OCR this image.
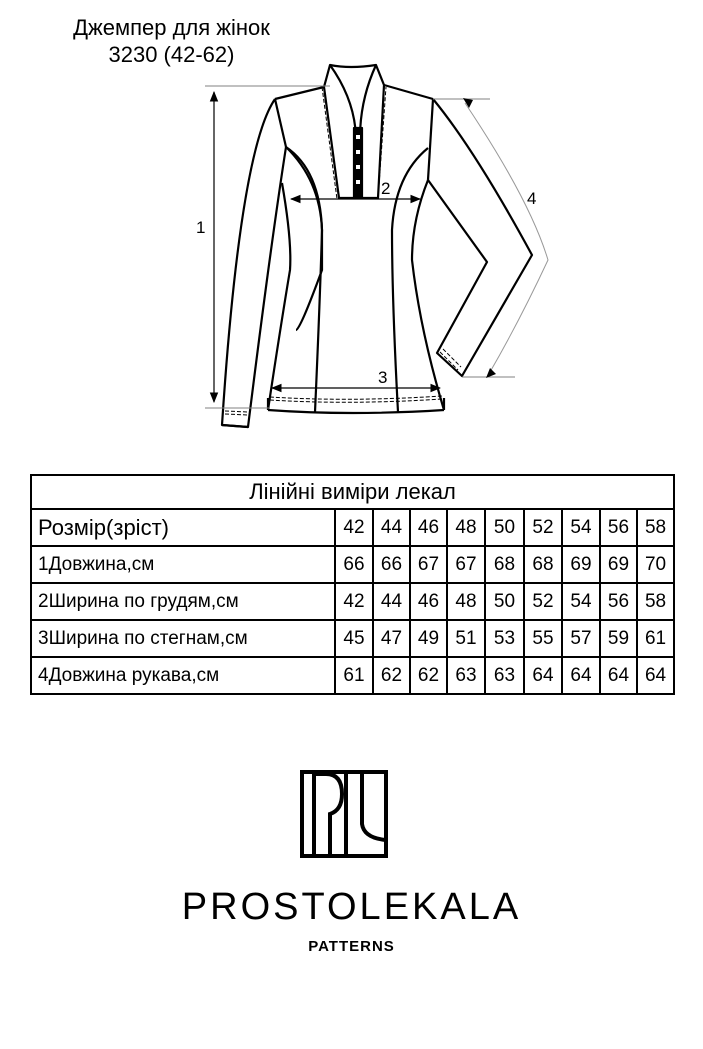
Джемпер для жінок
3230 (42-62)
1
2
3
4
Лінійні виміри лекал									
Розмір(зріст)	42	44	46	48	50	52	54	56	58
1Довжина,см	66	66	67	67	68	68	69	69	70
2Ширина по грудям,см	42	44	46	48	50	52	54	56	58
3Ширина по стегнам,см	45	47	49	51	53	55	57	59	61
4Довжина рукава,см	61	62	62	63	63	64	64	64	64
PROSTOLEKALA
PATTERNS
